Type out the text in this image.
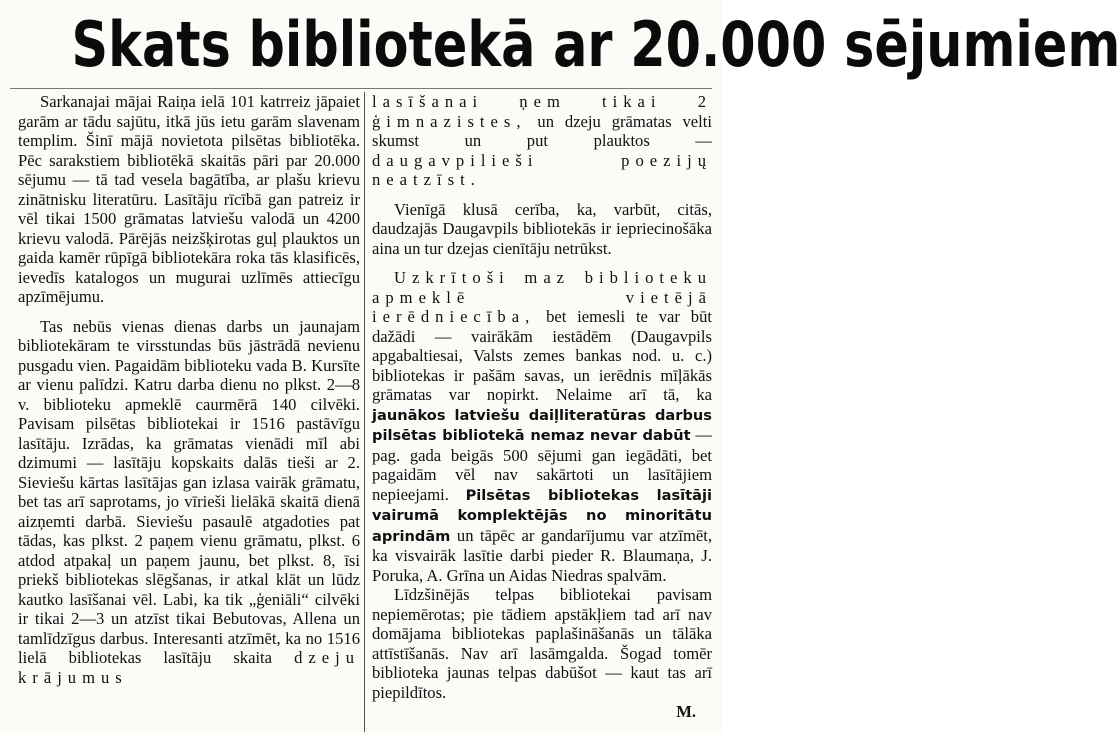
Skats bibliotekā ar 20.000 sējumiem

Sarkanajai mājai Raiņa ielā 101 katrreiz jāpaiet garām ar tādu sajūtu, itkā jūs ietu garām slavenam templim. Šinī mājā novietota pilsētas bibliotēka. Pēc sarakstiem bibliotēkā skaitās pāri par 20.000 sējumu — tā tad vesela bagātība, ar plašu krievu zinātnisku literatūru. Lasītāju rīcībā gan patreiz ir vēl tikai 1500 grāmatas latviešu valodā un 4200 krievu valodā. Pārējās neizšķirotas guļ plauktos un gaida kamēr rūpīgā bibliotekāra roka tās klasificēs, ievedīs katalogos un mugurai uzlīmēs attiecīgu apzīmējumu.

Tas nebūs vienas dienas darbs un jaunajam bibliotekāram te virsstundas būs jāstrādā nevienu pusgadu vien. Pagaidām biblioteku vada B. Kursīte ar vienu palīdzi. Katru darba dienu no plkst. 2—8 v. biblioteku apmeklē caurmērā 140 cilvēki. Pavisam pilsētas bibliotekai ir 1516 pastāvīgu lasītāju. Izrādas, ka grāmatas vienādi mīl abi dzimumi — lasītāju kopskaits dalās tieši ar 2. Sieviešu kārtas lasītājas gan izlasa vairāk grāmatu, bet tas arī saprotams, jo vīrieši lielākā skaitā dienā aizņemti darbā. Sieviešu pasaulē atgadoties pat tādas, kas plkst. 2 paņem vienu grāmatu, plkst. 6 atdod atpakaļ un paņem jaunu, bet plkst. 8, īsi priekš bibliotekas slēgšanas, ir atkal klāt un lūdz kautko lasīšanai vēl. Labi, ka tik „ģeniāli“ cilvēki ir tikai 2—3 un atzīst tikai Bebutovas, Allena un tamlīdzīgus darbus. Interesanti atzīmēt, ka no 1516 lielā bibliotekas lasītāju skaita dzeju krājumus

lasīšanai ņem tikai 2 ģimnazistes, un dzeju grāmatas velti skumst un put plauktos — daugavpilieši poezijų neatzīst.

Vienīgā klusā cerība, ka, varbūt, citās, daudzajās Daugavpils bibliotekās ir iepriecinošāka aina un tur dzejas cienītāju netrūkst.

Uzkrītoši maz biblioteku apmeklē vietējā ierēdniecība, bet iemesli te var būt dažādi — vairākām iestādēm (Daugavpils apgabaltiesai, Valsts zemes bankas nod. u. c.) bibliotekas ir pašām savas, un ierēdnis mīļākās grāmatas var nopirkt. Nelaime arī tā, ka jaunākos latviešu daiļliteratūras darbus pilsētas bibliotekā nemaz nevar dabūt — pag. gada beigās 500 sējumi gan iegādāti, bet pagaidām vēl nav sakārtoti un lasītājiem nepieejami. Pilsētas bibliotekas lasītāji vairumā komplektējās no minoritātu aprindām un tāpēc ar gandarījumu var atzīmēt, ka visvairāk lasītie darbi pieder R. Blaumaņa, J. Poruka, A. Grīna un Aidas Niedras spalvām.

Līdzšinējās telpas bibliotekai pavisam nepiemērotas; pie tādiem apstākļiem tad arī nav domājama bibliotekas paplašināšanās un tālāka attīstīšanās. Nav arī lasāmgalda. Šogad tomēr biblioteka jaunas telpas dabūšot — kaut tas arī piepildītos.

M.
